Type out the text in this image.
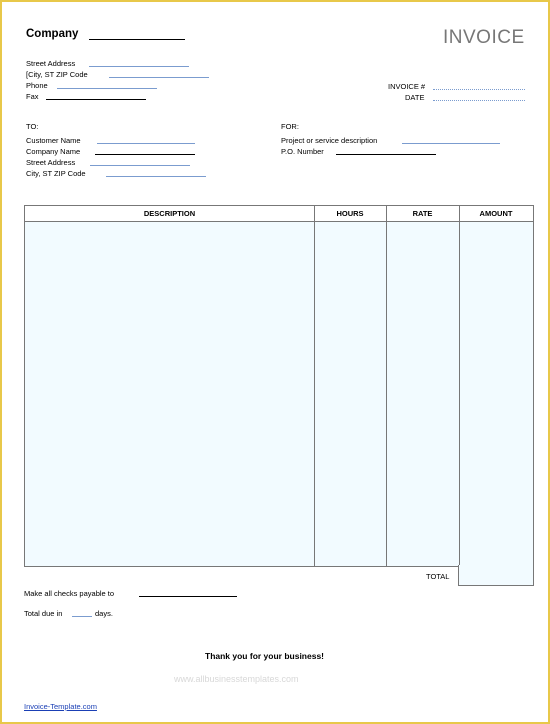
Company	INVOICE
Street Address
[City, ST ZIP Code
Phone
Fax
INVOICE #
DATE
TO:
Customer Name
Company Name
Street Address
City, ST ZIP Code
FOR:
Project or service description
P.O. Number
DESCRIPTION	HOURS	RATE	AMOUNT
TOTAL
Make all checks payable to
Total due in	days.
Thank you for your business!
www.allbusinesstemplates.com
Invoice-Template.com
